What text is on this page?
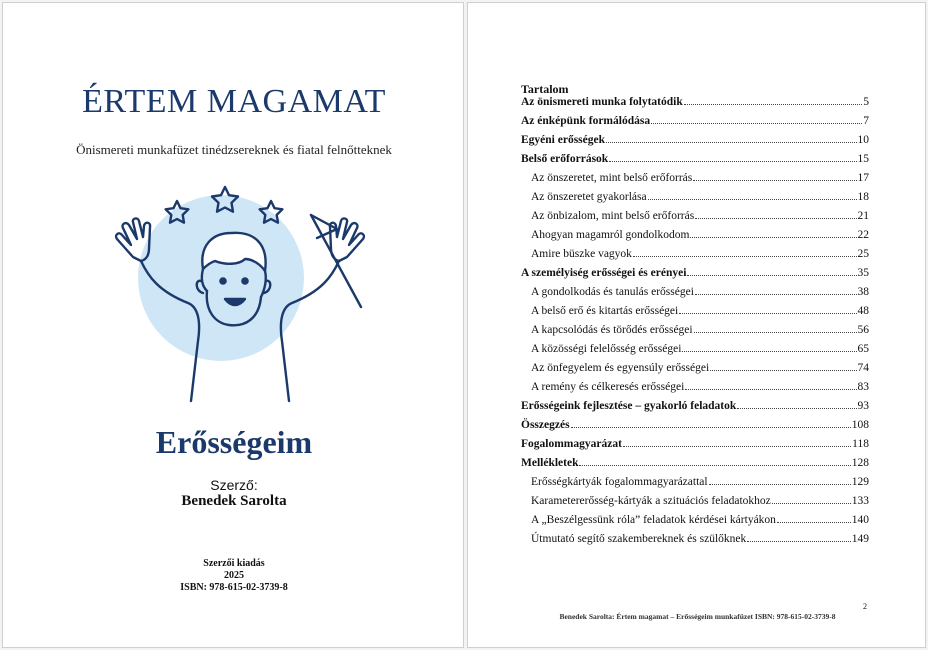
ÉRTEM MAGAMAT
Önismereti munkafüzet tinédzsereknek és fiatal felnőtteknek
Erősségeim
Szerző:
Benedek Sarolta
Szerzői kiadás
2025
ISBN: 978-615-02-3739-8
Tartalom
Az önismereti munka folytatódik	5
Az énképünk formálódása	7
Egyéni erősségek	10
Belső erőforrások	15
Az önszeretet, mint belső erőforrás	17
Az önszeretet gyakorlása	18
Az önbizalom, mint belső erőforrás	21
Ahogyan magamról gondolkodom	22
Amire büszke vagyok	25
A személyiség erősségei és erényei	35
A gondolkodás és tanulás erősségei	38
A belső erő és kitartás erősségei	48
A kapcsolódás és törődés erősségei	56
A közösségi felelősség erősségei	65
Az önfegyelem és egyensúly erősségei	74
A remény és célkeresés erősségei	83
Erősségeink fejlesztése – gyakorló feladatok	93
Összegzés	108
Fogalommagyarázat	118
Mellékletek	128
Erősségkártyák fogalommagyarázattal	129
Karametererősség-kártyák a szituációs feladatokhoz	133
A „Beszélgessünk róla” feladatok kérdései kártyákon	140
Útmutató segítő szakembereknek és szülőknek	149
2
Benedek Sarolta: Értem magamat – Erősségeim munkafüzet ISBN: 978-615-02-3739-8
